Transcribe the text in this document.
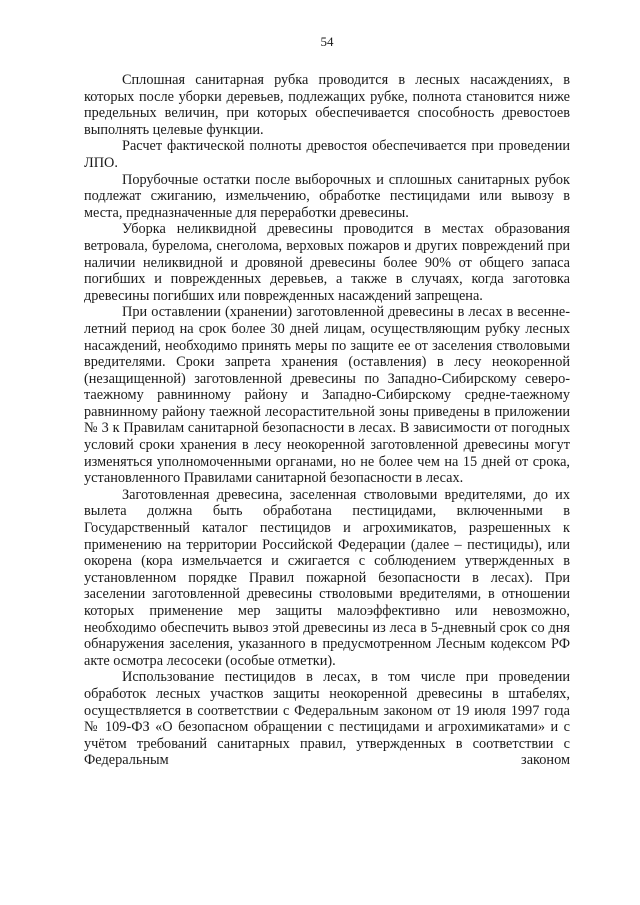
54

Сплошная санитарная рубка проводится в лесных насаждениях, в которых после уборки деревьев, подлежащих рубке, полнота становится ниже предельных величин, при которых обеспечивается способность древостоев выполнять целевые функции.

Расчет фактической полноты древостоя обеспечивается при проведении ЛПО.

Порубочные остатки после выборочных и сплошных санитарных рубок подлежат сжиганию, измельчению, обработке пестицидами или вывозу в места, предназначенные для переработки древесины.

Уборка неликвидной древесины проводится в местах образования ветровала, бурелома, снеголома, верховых пожаров и других повреждений при наличии неликвидной и дровяной древесины более 90% от общего запаса погибших и поврежденных деревьев, а также в случаях, когда заготовка древесины погибших или поврежденных насаждений запрещена.

При оставлении (хранении) заготовленной древесины в лесах в весенне-летний период на срок более 30 дней лицам, осуществляющим рубку лесных насаждений, необходимо принять меры по защите ее от заселения стволовыми вредителями. Сроки запрета хранения (оставления) в лесу неокоренной (незащищенной) заготовленной древесины по Западно-Сибирскому северо-таежному равнинному району и Западно-Сибирскому средне-таежному равнинному району таежной лесорастительной зоны приведены в приложении № 3 к Правилам санитарной безопасности в лесах. В зависимости от погодных условий сроки хранения в лесу неокоренной заготовленной древесины могут изменяться уполномоченными органами, но не более чем на 15 дней от срока, установленного Правилами санитарной безопасности в лесах.

Заготовленная древесина, заселенная стволовыми вредителями, до их вылета должна быть обработана пестицидами, включенными в Государственный каталог пестицидов и агрохимикатов, разрешенных к применению на территории Российской Федерации (далее – пестициды), или окорена (кора измельчается и сжигается с соблюдением утвержденных в установленном порядке Правил пожарной безопасности в лесах). При заселении заготовленной древесины стволовыми вредителями, в отношении которых применение мер защиты малоэффективно или невозможно, необходимо обеспечить вывоз этой древесины из леса в 5-дневный срок со дня обнаружения заселения, указанного в предусмотренном Лесным кодексом РФ акте осмотра лесосеки (особые отметки).

Использование пестицидов в лесах, в том числе при проведении обработок лесных участков защиты неокоренной древесины в штабелях, осуществляется в соответствии с Федеральным законом от 19 июля 1997 года № 109-ФЗ «О безопасном обращении с пестицидами и агрохимикатами» и с учётом требований санитарных правил, утвержденных в соответствии с Федеральным законом
